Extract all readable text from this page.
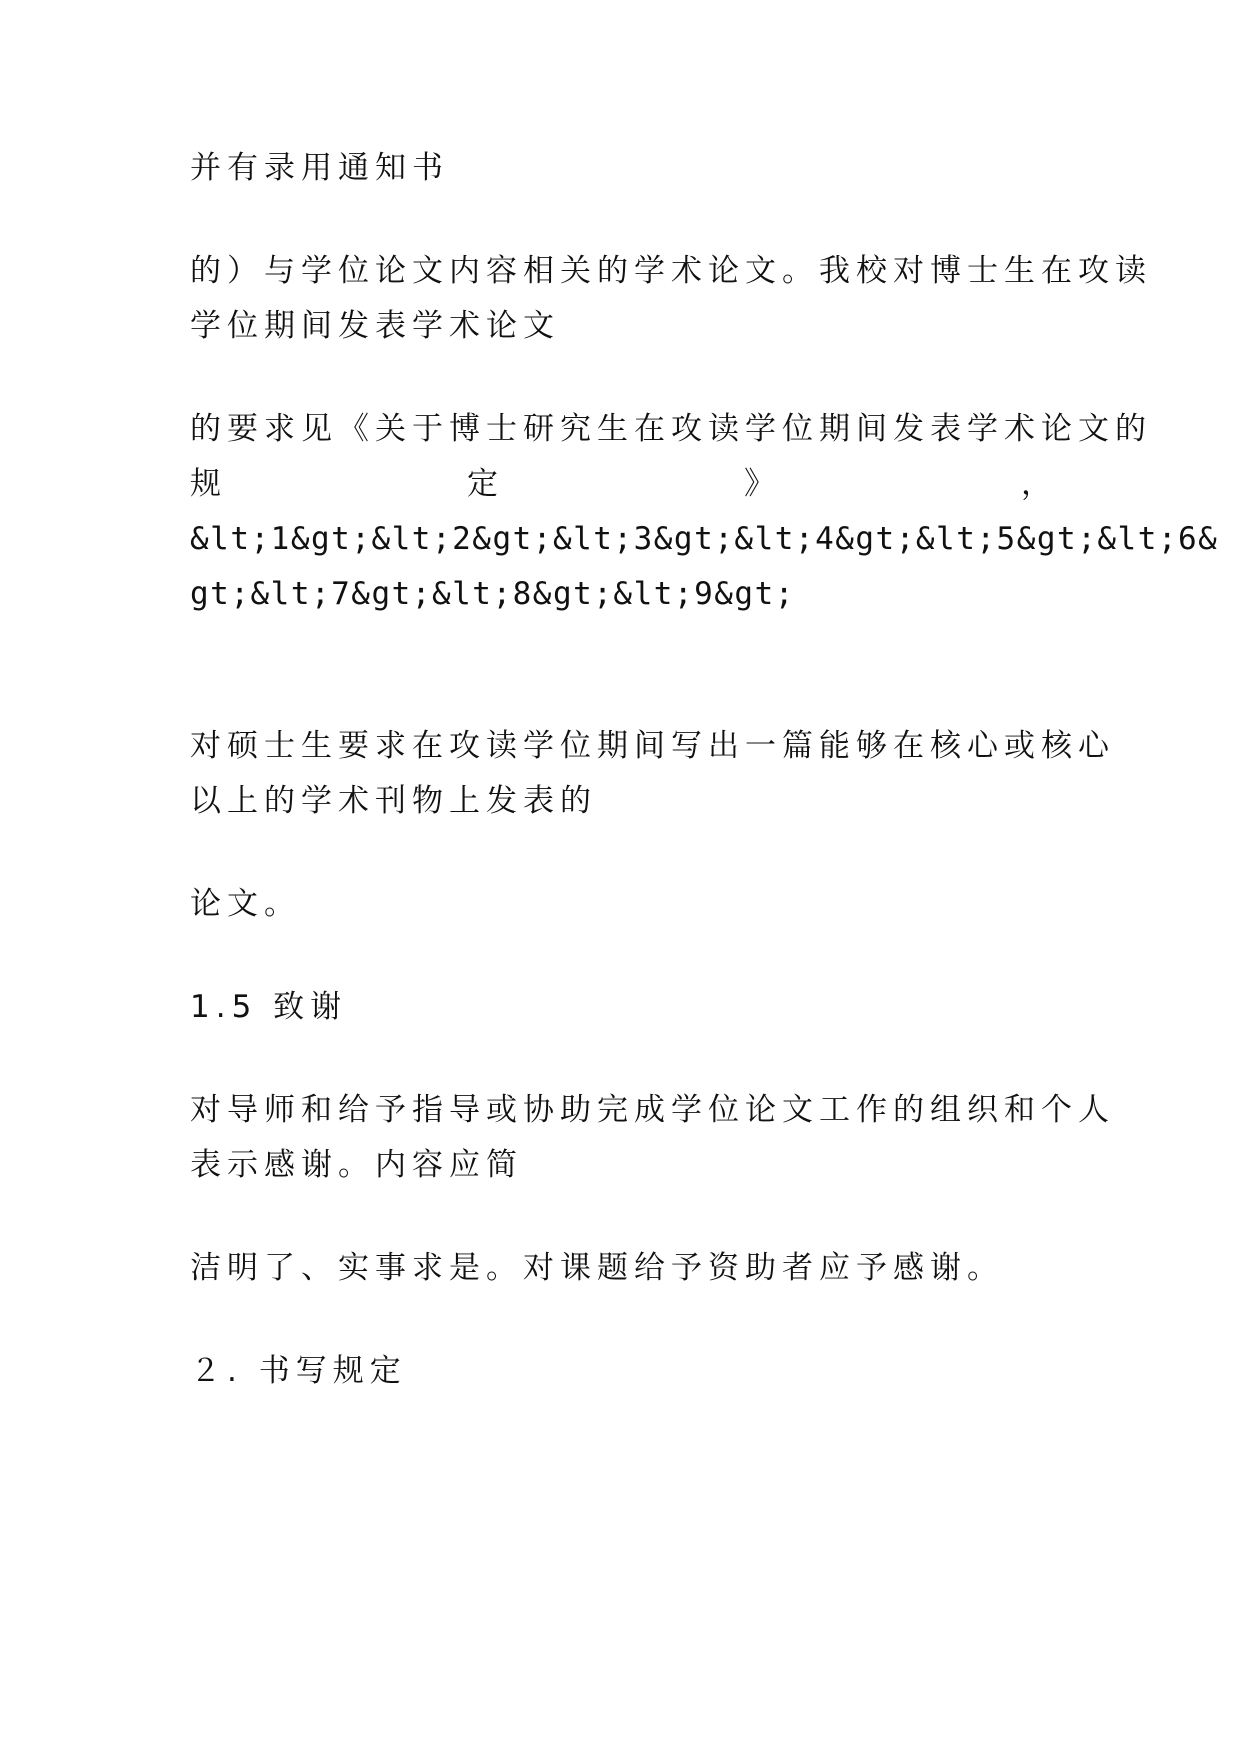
并有录用通知书

的）与学位论文内容相关的学术论文。我校对博士生在攻读

学位期间发表学术论文

的要求见《关于博士研究生在攻读学位期间发表学术论文的

规	定	》	，

&lt;1&gt;&lt;2&gt;&lt;3&gt;&lt;4&gt;&lt;5&gt;&lt;6&

gt;&lt;7&gt;&lt;8&gt;&lt;9&gt;

对硕士生要求在攻读学位期间写出一篇能够在核心或核心

以上的学术刊物上发表的

论文。

1.5 致谢

对导师和给予指导或协助完成学位论文工作的组织和个人

表示感谢。内容应简

洁明了、实事求是。对课题给予资助者应予感谢。

２. 书写规定
